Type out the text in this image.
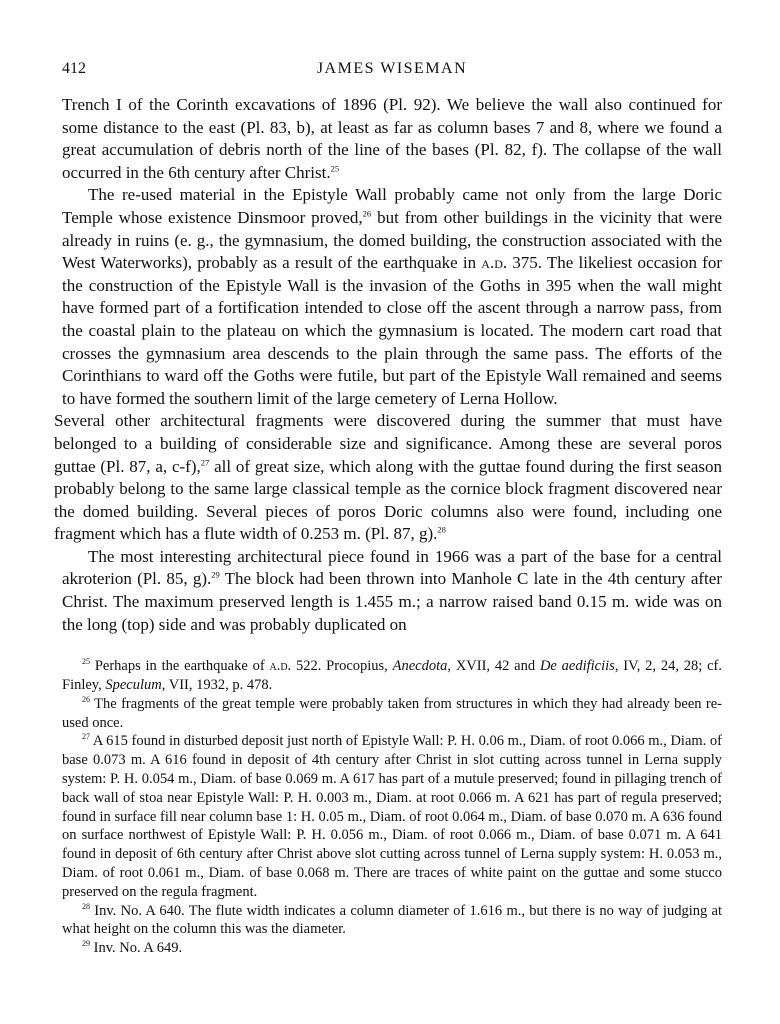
412	JAMES WISEMAN

Trench I of the Corinth excavations of 1896 (Pl. 92). We believe the wall also continued for some distance to the east (Pl. 83, b), at least as far as column bases 7 and 8, where we found a great accumulation of debris north of the line of the bases (Pl. 82, f). The collapse of the wall occurred in the 6th century after Christ.$^{25}$

The re-used material in the Epistyle Wall probably came not only from the large Doric Temple whose existence Dinsmoor proved,$^{26}$ but from other buildings in the vicinity that were already in ruins (e. g., the gymnasium, the domed building, the construction associated with the West Waterworks), probably as a result of the earthquake in a.d. 375. The likeliest occasion for the construction of the Epistyle Wall is the invasion of the Goths in 395 when the wall might have formed part of a fortification intended to close off the ascent through a narrow pass, from the coastal plain to the plateau on which the gymnasium is located. The modern cart road that crosses the gymnasium area descends to the plain through the same pass. The efforts of the Corinthians to ward off the Goths were futile, but part of the Epistyle Wall remained and seems to have formed the southern limit of the large cemetery of Lerna Hollow.

Several other architectural fragments were discovered during the summer that must have belonged to a building of considerable size and significance. Among these are several poros guttae (Pl. 87, a, c-f),$^{27}$ all of great size, which along with the guttae found during the first season probably belong to the same large classical temple as the cornice block fragment discovered near the domed building. Several pieces of poros Doric columns also were found, including one fragment which has a flute width of 0.253 m. (Pl. 87, g).$^{28}$

The most interesting architectural piece found in 1966 was a part of the base for a central akroterion (Pl. 85, g).$^{29}$ The block had been thrown into Manhole C late in the 4th century after Christ. The maximum preserved length is 1.455 m.; a narrow raised band 0.15 m. wide was on the long (top) side and was probably duplicated on

$^{25}$ Perhaps in the earthquake of a.d. 522. Procopius, Anecdota, XVII, 42 and De aedificiis, IV, 2, 24, 28; cf. Finley, Speculum, VII, 1932, p. 478.

$^{26}$ The fragments of the great temple were probably taken from structures in which they had already been re-used once.

$^{27}$ A 615 found in disturbed deposit just north of Epistyle Wall: P. H. 0.06 m., Diam. of root 0.066 m., Diam. of base 0.073 m. A 616 found in deposit of 4th century after Christ in slot cutting across tunnel in Lerna supply system: P. H. 0.054 m., Diam. of base 0.069 m. A 617 has part of a mutule preserved; found in pillaging trench of back wall of stoa near Epistyle Wall: P. H. 0.003 m., Diam. at root 0.066 m. A 621 has part of regula preserved; found in surface fill near column base 1: H. 0.05 m., Diam. of root 0.064 m., Diam. of base 0.070 m. A 636 found on surface northwest of Epistyle Wall: P. H. 0.056 m., Diam. of root 0.066 m., Diam. of base 0.071 m. A 641 found in deposit of 6th century after Christ above slot cutting across tunnel of Lerna supply system: H. 0.053 m., Diam. of root 0.061 m., Diam. of base 0.068 m. There are traces of white paint on the guttae and some stucco preserved on the regula fragment.

$^{28}$ Inv. No. A 640. The flute width indicates a column diameter of 1.616 m., but there is no way of judging at what height on the column this was the diameter.

$^{29}$ Inv. No. A 649.
